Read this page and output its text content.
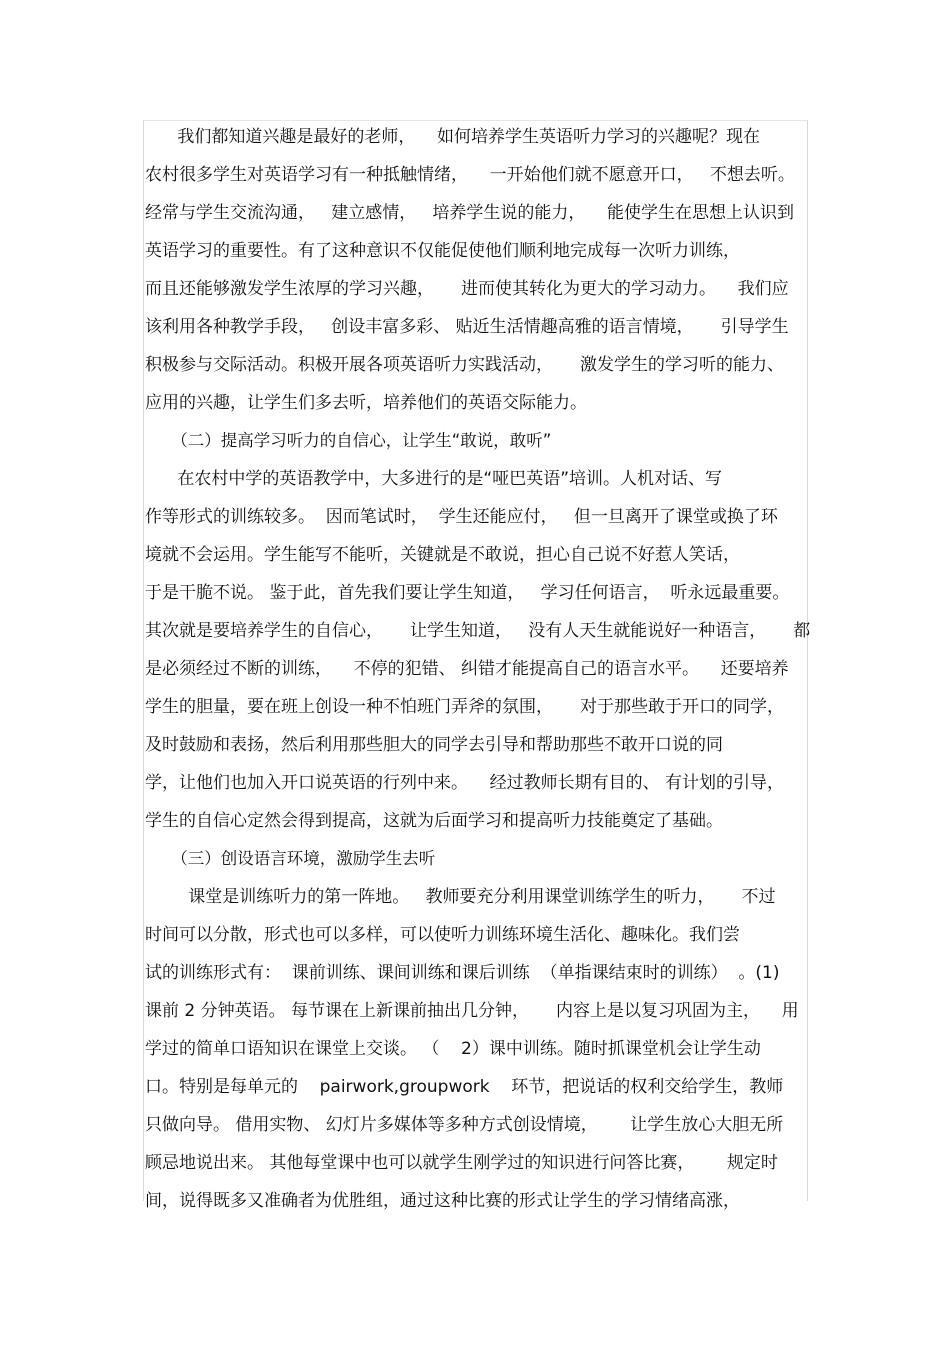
我们都知道兴趣是最好的老师，    如何培养学生英语听力学习的兴趣呢？现在
农村很多学生对英语学习有一种抵触情绪，    一开始他们就不愿意开口，   不想去听。
经常与学生交流沟通，   建立感情，   培养学生说的能力，    能使学生在思想上认识到
英语学习的重要性。有了这种意识不仅能促使他们顺利地完成每一次听力训练，
而且还能够激发学生浓厚的学习兴趣，     进而使其转化为更大的学习动力。    我们应
该利用各种教学手段，   创设丰富多彩、 贴近生活情趣高雅的语言情境，     引导学生
积极参与交际活动。积极开展各项英语听力实践活动，     激发学生的学习听的能力、
应用的兴趣，让学生们多去听，培养他们的英语交际能力。
（二）提高学习听力的自信心，让学生“敢说，敢听”
在农村中学的英语教学中，大多进行的是“哑巴英语”培训。人机对话、写
作等形式的训练较多。  因而笔试时，  学生还能应付，   但一旦离开了课堂或换了环
境就不会运用。学生能写不能听，关键就是不敢说，担心自己说不好惹人笑话，
于是干脆不说。 鉴于此，首先我们要让学生知道，   学习任何语言，  听永远最重要。
其次就是要培养学生的自信心，     让学生知道，   没有人天生就能说好一种语言，     都
是必须经过不断的训练，    不停的犯错、 纠错才能提高自己的语言水平。    还要培养
学生的胆量，要在班上创设一种不怕班门弄斧的氛围，     对于那些敢于开口的同学，
及时鼓励和表扬，然后利用那些胆大的同学去引导和帮助那些不敢开口说的同
学，让他们也加入开口说英语的行列中来。    经过教师长期有目的、 有计划的引导，
学生的自信心定然会得到提高，这就为后面学习和提高听力技能奠定了基础。
（三）创设语言环境，激励学生去听
课堂是训练听力的第一阵地。   教师要充分利用课堂训练学生的听力，     不过
时间可以分散，形式也可以多样，可以使听力训练环境生活化、趣味化。我们尝
试的训练形式有：  课前训练、课间训练和课后训练  （单指课结束时的训练）  。(1)
课前 2 分钟英语。 每节课在上新课前抽出几分钟，     内容上是以复习巩固为主，    用
学过的简单口语知识在课堂上交谈。 （    2）课中训练。随时抓课堂机会让学生动
口。特别是每单元的    pairwork,groupwork    环节，把说话的权利交给学生，教师
只做向导。 借用实物、 幻灯片多媒体等多种方式创设情境，      让学生放心大胆无所
顾忌地说出来。 其他每堂课中也可以就学生刚学过的知识进行问答比赛，      规定时
间，说得既多又准确者为优胜组，通过这种比赛的形式让学生的学习情绪高涨，
